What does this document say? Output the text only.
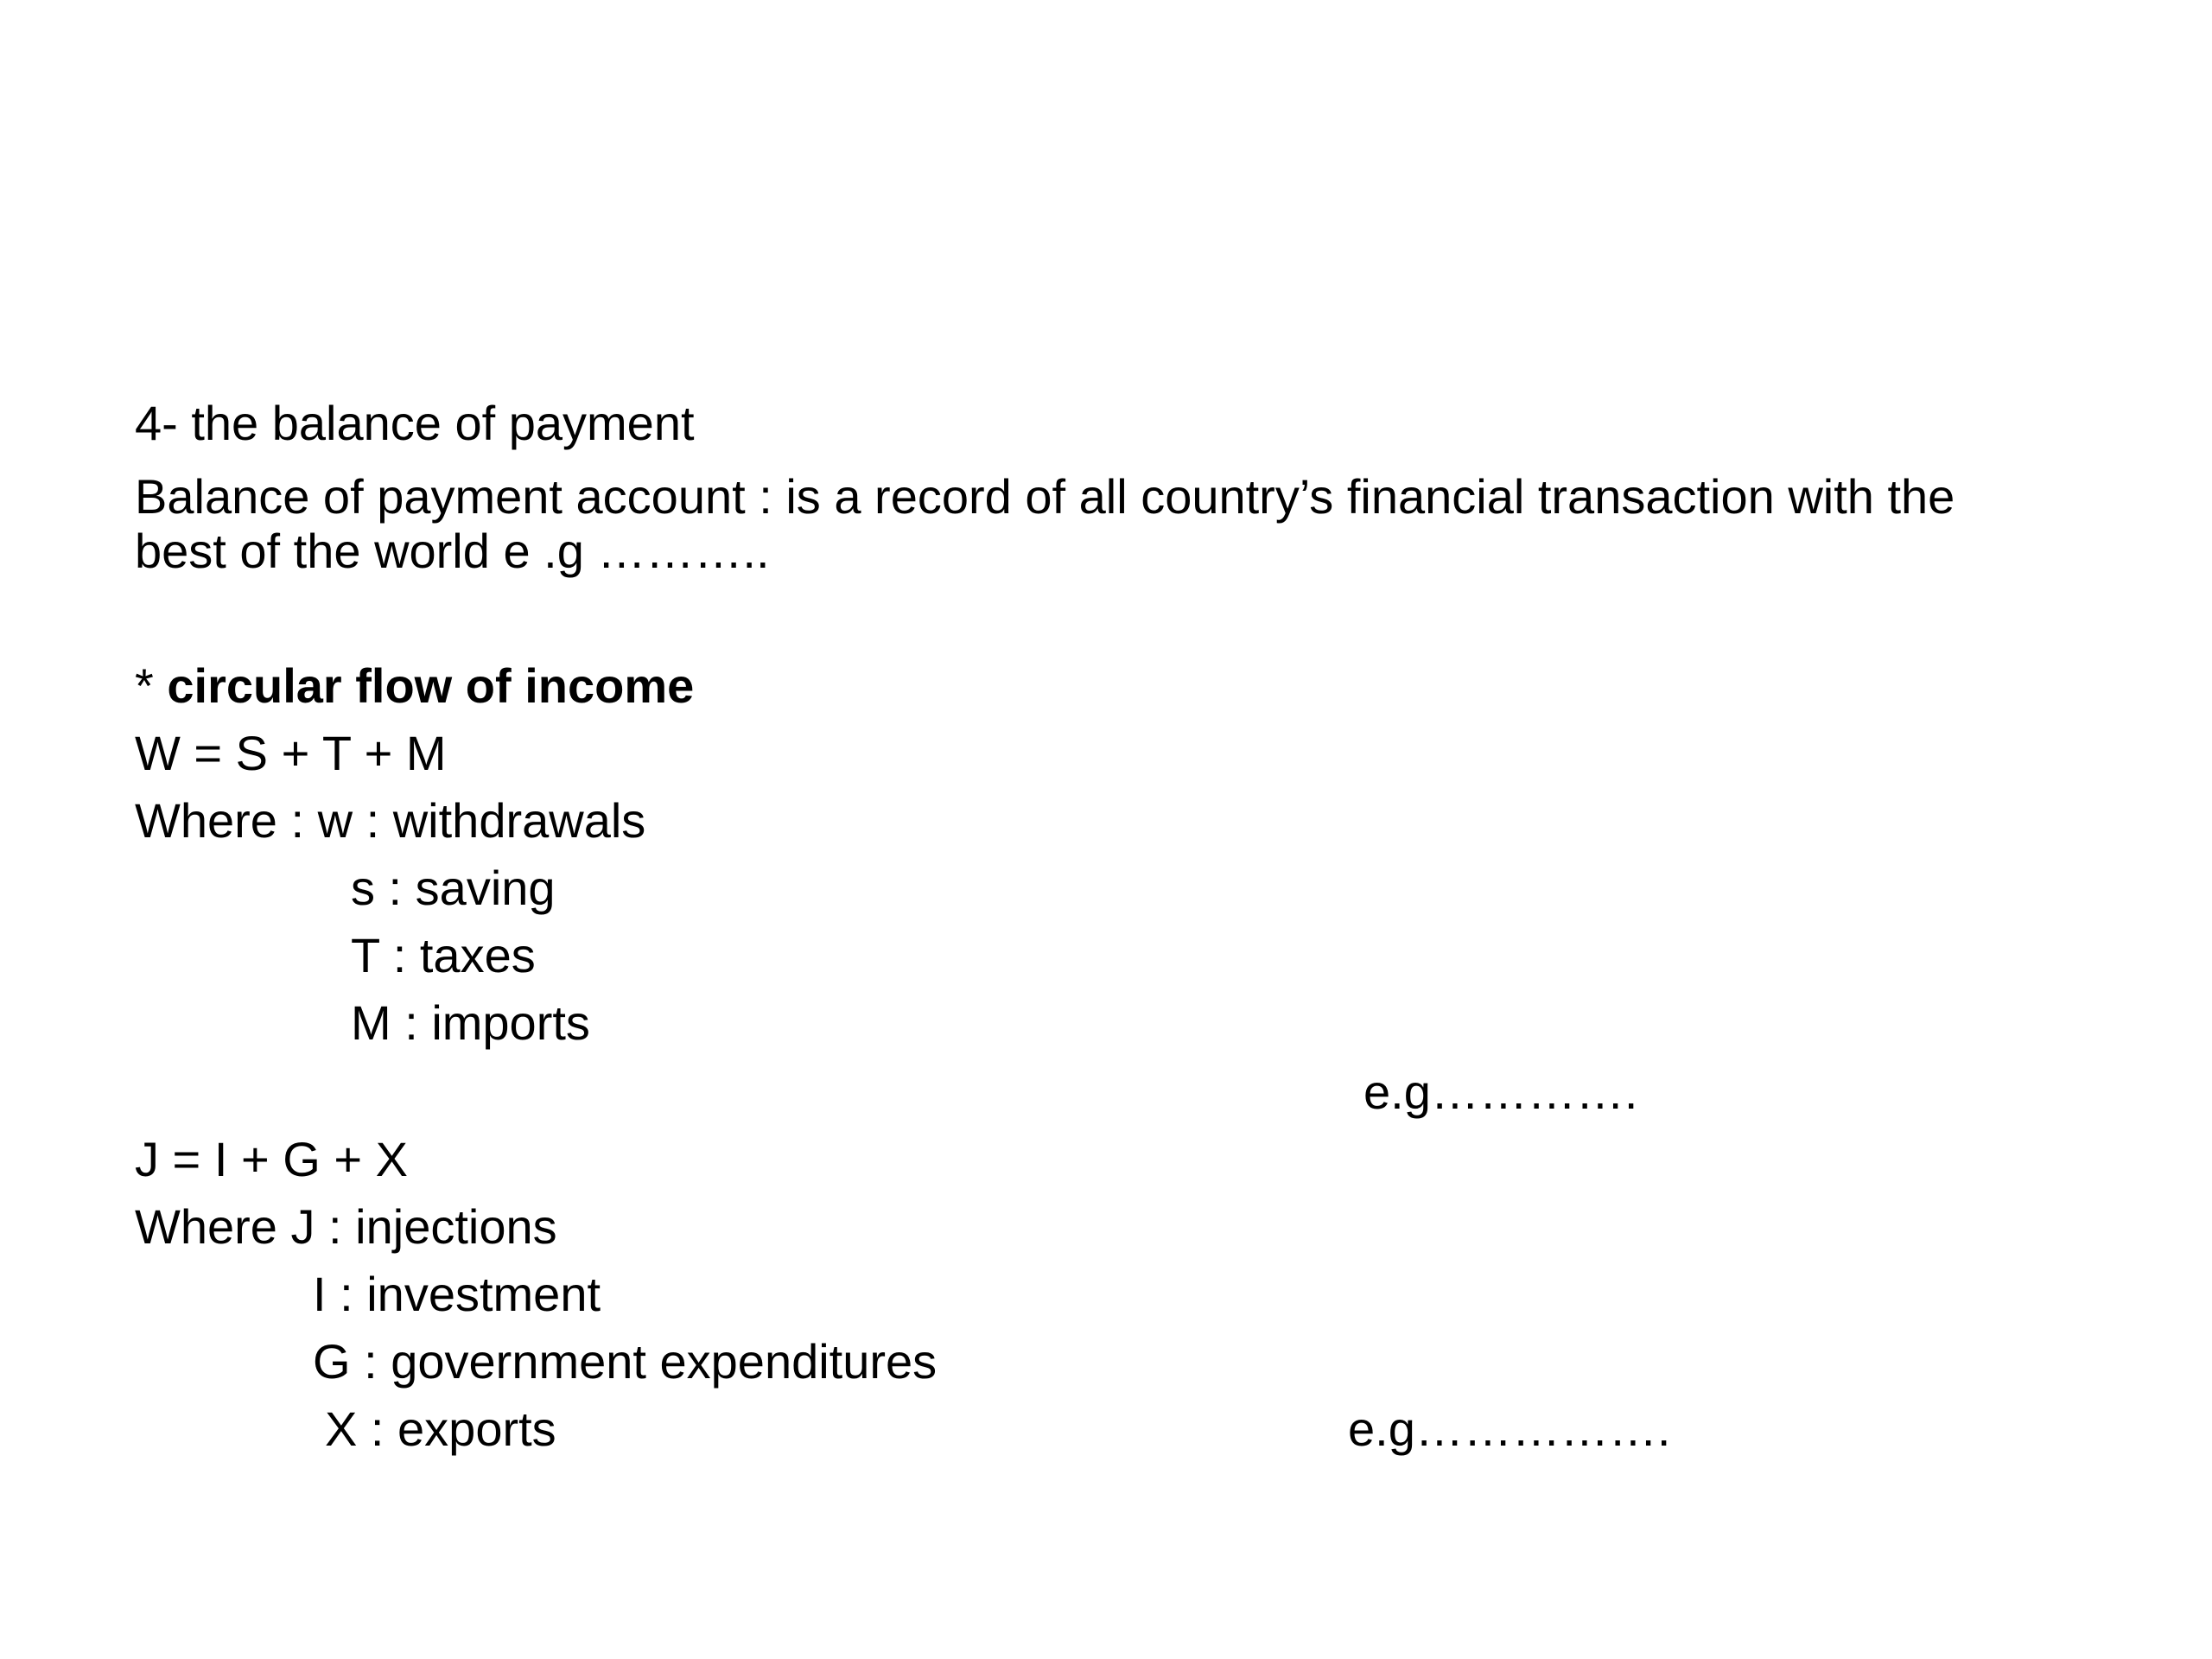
4- the balance of payment
Balance of payment account : is a record of all country’s financial transaction with the
best of the world e .g ………..
* circular flow of income
W = S + T + M
Where : w : withdrawals
s : saving
T : taxes
M : imports
e.g………….
J = I + G + X
Where J : injections
I : investment
G : government expenditures
X : exports	e.g…………….
